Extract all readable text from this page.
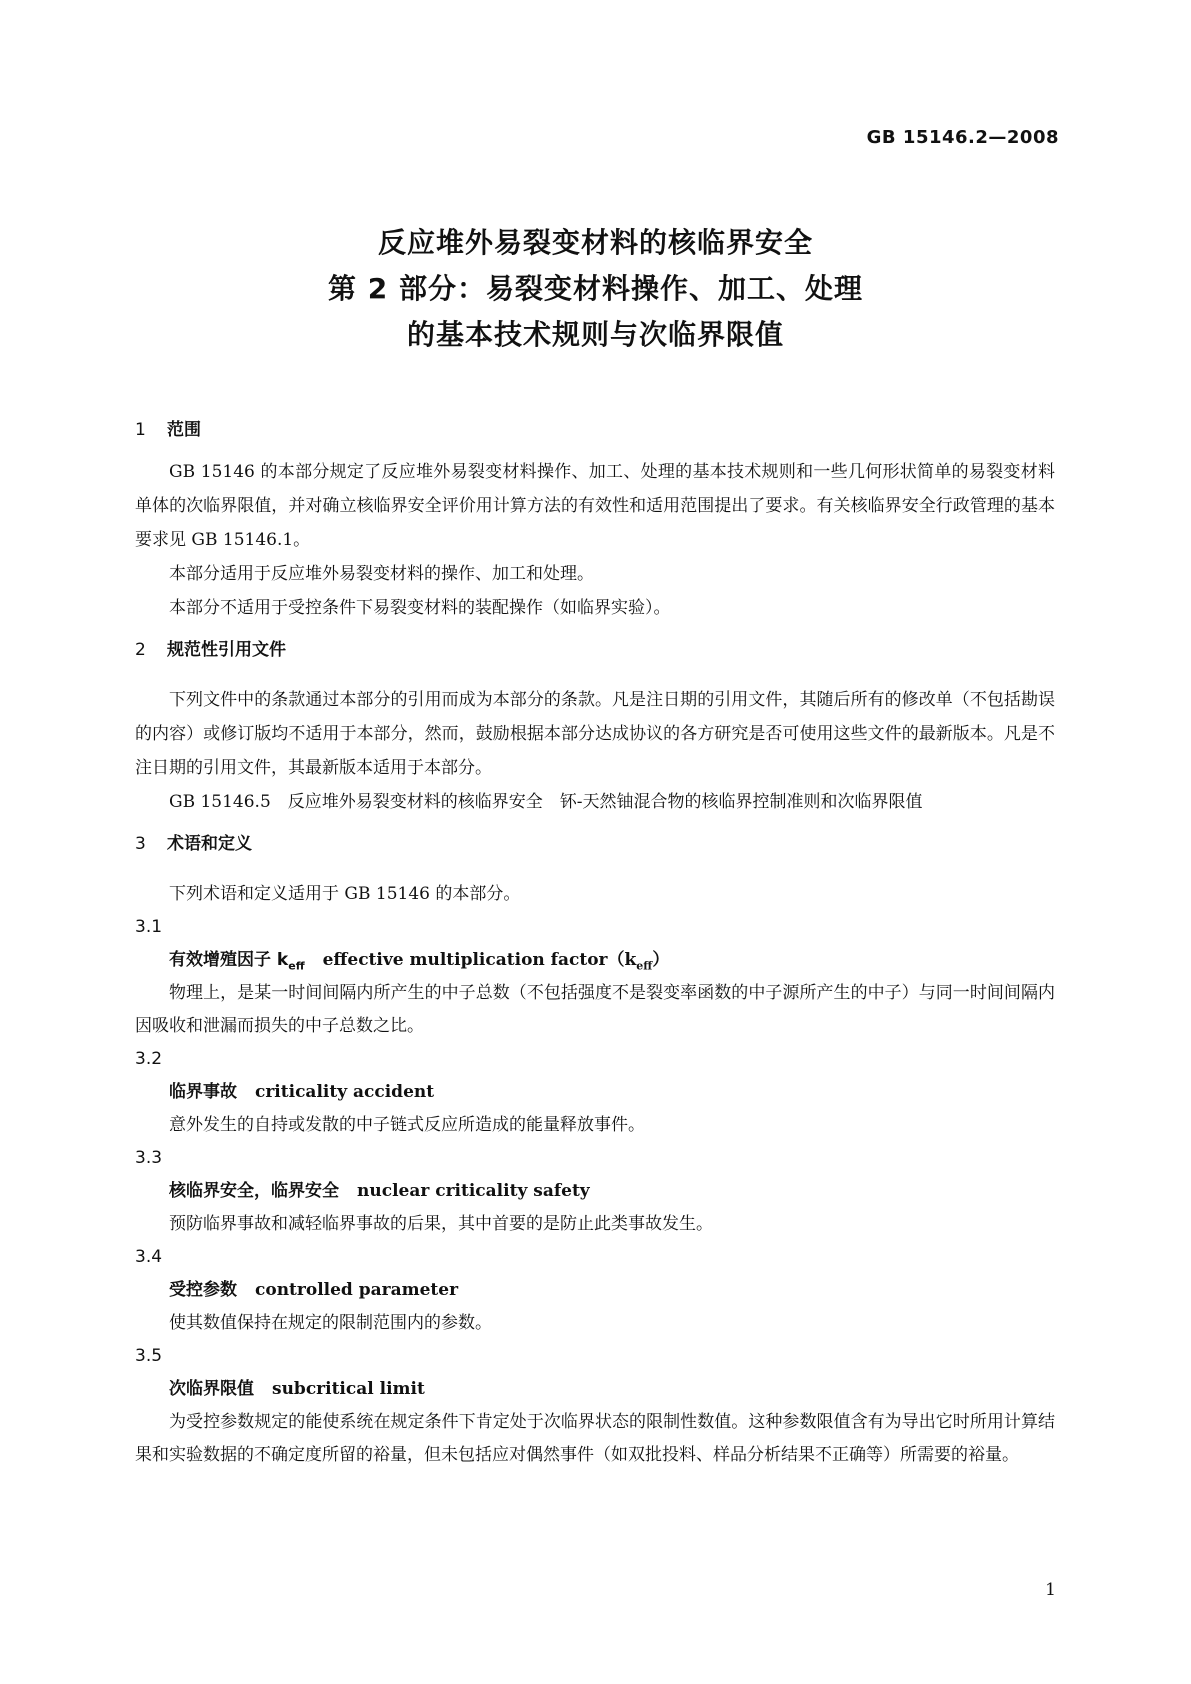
GB 15146.2—2008
反应堆外易裂变材料的核临界安全
第 2 部分：易裂变材料操作、加工、处理
的基本技术规则与次临界限值
1 范围

GB 15146 的本部分规定了反应堆外易裂变材料操作、加工、处理的基本技术规则和一些几何形状简单的易裂变材料单体的次临界限值，并对确立核临界安全评价用计算方法的有效性和适用范围提出了要求。有关核临界安全行政管理的基本要求见 GB 15146.1。

本部分适用于反应堆外易裂变材料的操作、加工和处理。

本部分不适用于受控条件下易裂变材料的装配操作（如临界实验）。

2 规范性引用文件

下列文件中的条款通过本部分的引用而成为本部分的条款。凡是注日期的引用文件，其随后所有的修改单（不包括勘误的内容）或修订版均不适用于本部分，然而，鼓励根据本部分达成协议的各方研究是否可使用这些文件的最新版本。凡是不注日期的引用文件，其最新版本适用于本部分。

GB 15146.5　反应堆外易裂变材料的核临界安全　钚-天然铀混合物的核临界控制准则和次临界限值

3 术语和定义

下列术语和定义适用于 GB 15146 的本部分。

3.1
有效增殖因子 $k_{eff}$ effective multiplication $factor(k_{eff})$

物理上，是某一时间间隔内所产生的中子总数（不包括强度不是裂变率函数的中子源所产生的中子）与同一时间间隔内因吸收和泄漏而损失的中子总数之比。

3.2
临界事故 criticality accident

意外发生的自持或发散的中子链式反应所造成的能量释放事件。

3.3
核临界安全，临界安全 nuclear criticality safety

预防临界事故和减轻临界事故的后果，其中首要的是防止此类事故发生。

3.4
受控参数 controlled parameter

使其数值保持在规定的限制范围内的参数。

3.5
次临界限值 subcritical limit

为受控参数规定的能使系统在规定条件下肯定处于次临界状态的限制性数值。这种参数限值含有为导出它时所用计算结果和实验数据的不确定度所留的裕量，但未包括应对偶然事件（如双批投料、样品分析结果不正确等）所需要的裕量。

1
